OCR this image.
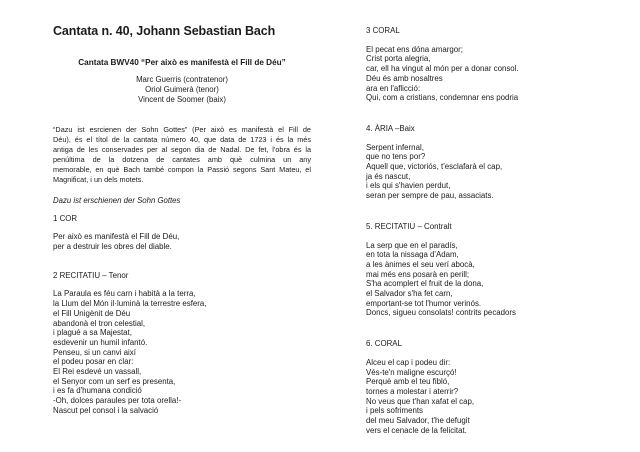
Cantata n. 40, Johann Sebastian Bach
Cantata BWV40 “Per això es manifestà el Fill de Déu”
Marc Guerris (contratenor)
Oriol Guimerà (tenor)
Vincent de Soomer (baix)
“Dazu ist esrcienen der Sohn Gottes” (Per això es manifestà el Fill de
Déu), és el títol de la cantata número 40, que data de 1723 i és la més
antiga de les conservades per al segon dia de Nadal. De fet, l'obra és la
penúltima de la dotzena de cantates amb què culmina un any
memorable, en què Bach també compon la Passió segons Sant Mateu, el
Magnificat, i un dels motets.
Dazu ist erschienen der Sohn Gottes
1 COR
Per això es manifestà el Fill de Déu,
per a destruir les obres del diable.
2 RECITATIU – Tenor
La Paraula es féu carn i habità a la terra,
la Llum del Món il·luminà la terrestre esfera,
el Fill Unigènit de Déu
abandonà el tron celestial,
i plagué a sa Majestat,
esdevenir un humil infantó.
Penseu, si un canvi així
el podeu posar en clar:
El Rei esdevé un vassall,
el Senyor com un serf es presenta,
i es fa d'humana condició
-Oh, dolces paraules per tota orella!-
Nascut pel consol i la salvació
3 CORAL
El pecat ens dóna amargor;
Crist porta alegria,
car, ell ha vingut al món per a donar consol.
Déu és amb nosaltres
ara en l'aflicció:
Qui, com a cristians, condemnar ens podria
4. ÀRIA –Baix
Serpent infernal,
que no tens por?
Aquell que, victoriós, t'esclafarà el cap,
ja és nascut,
i els qui s'havien perdut,
seran per sempre de pau, assaciats.
5. RECITATIU – Contralt
La serp que en el paradís,
en tota la nissaga d'Adam,
a les ànimes el seu verí abocà,
mai més ens posarà en perill;
S'ha acomplert el fruit de la dona,
el Salvador s'ha fet carn,
emportant-se tot l'humor verinós.
Doncs, sigueu consolats! contrits pecadors
6. CORAL
Alceu el cap i podeu dir:
Vés-te'n maligne escurçó!
Perquè amb el teu fibló,
tornes a molestar i aterrir?
No veus que t'han xafat el cap,
i pels sofriments
del meu Salvador, t'he defugit
vers el cenacle de la felicitat.
